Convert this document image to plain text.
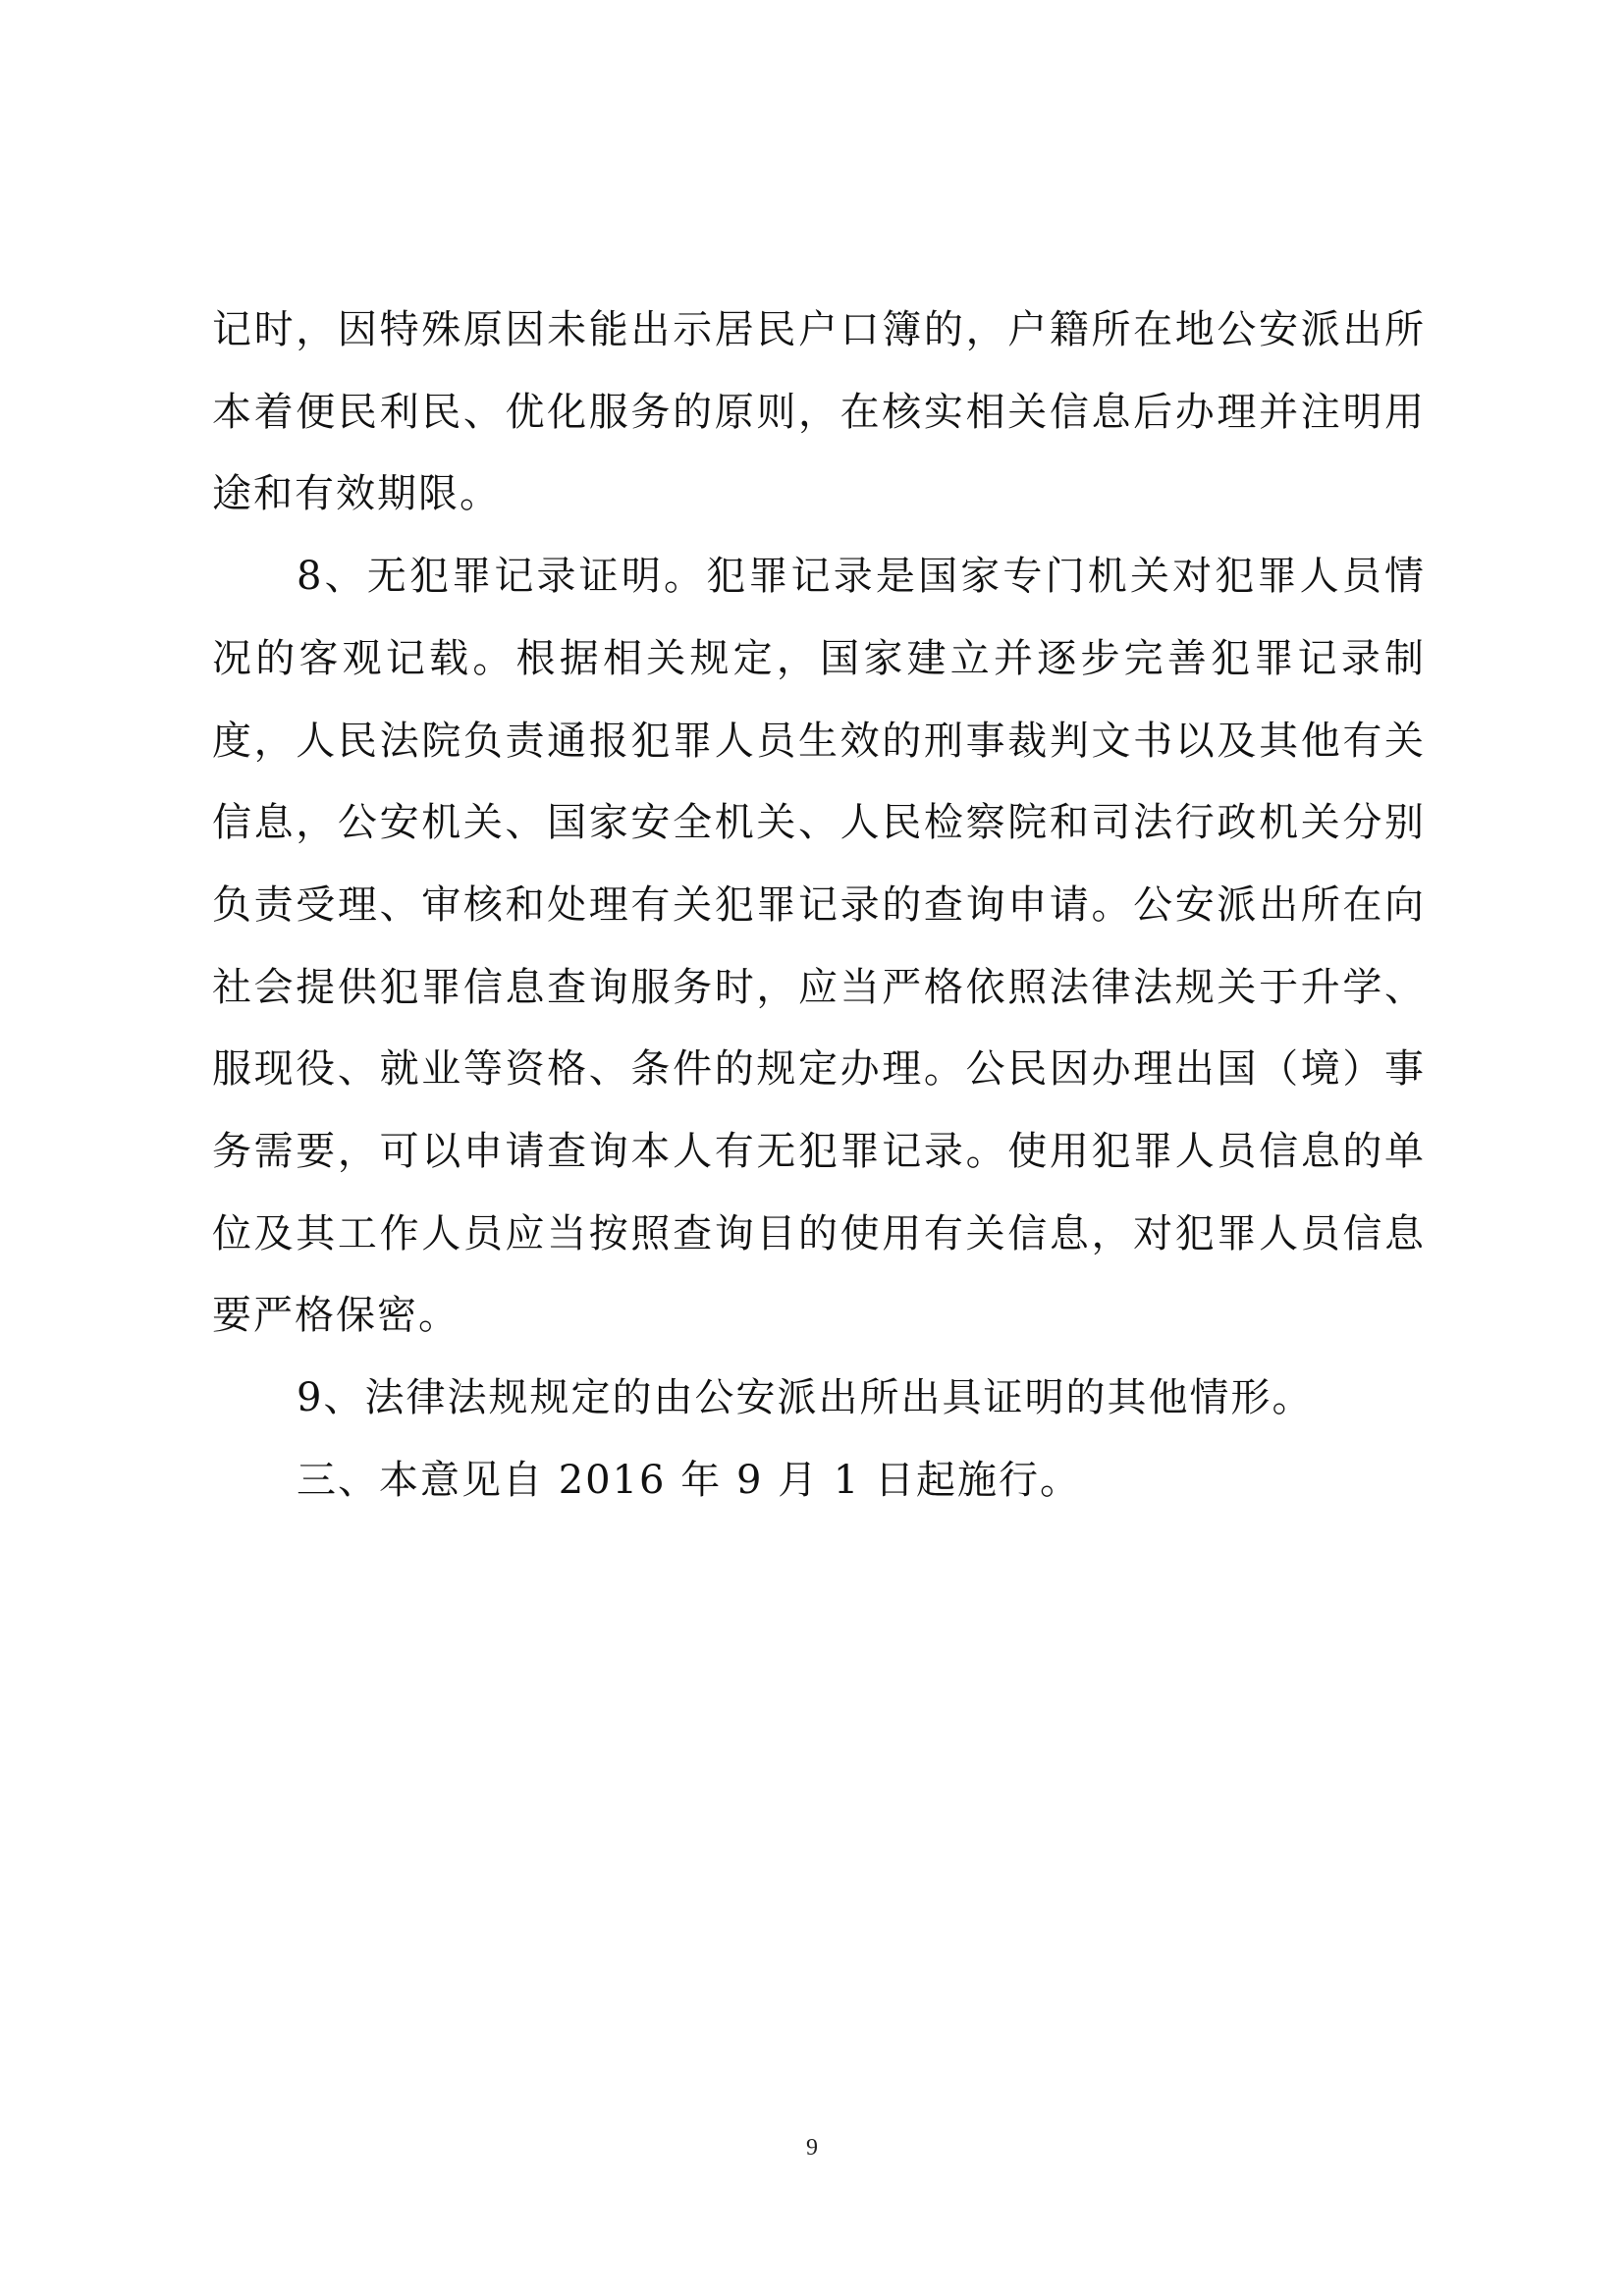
记时，因特殊原因未能出示居民户口簿的，户籍所在地公安派出所本着便民利民、优化服务的原则，在核实相关信息后办理并注明用途和有效期限。

8、无犯罪记录证明。犯罪记录是国家专门机关对犯罪人员情况的客观记载。根据相关规定，国家建立并逐步完善犯罪记录制度，人民法院负责通报犯罪人员生效的刑事裁判文书以及其他有关信息，公安机关、国家安全机关、人民检察院和司法行政机关分别负责受理、审核和处理有关犯罪记录的查询申请。公安派出所在向社会提供犯罪信息查询服务时，应当严格依照法律法规关于升学、服现役、就业等资格、条件的规定办理。公民因办理出国（境）事务需要，可以申请查询本人有无犯罪记录。使用犯罪人员信息的单位及其工作人员应当按照查询目的使用有关信息，对犯罪人员信息要严格保密。

9、法律法规规定的由公安派出所出具证明的其他情形。

三、本意见自 2016 年 9 月 1 日起施行。

9
